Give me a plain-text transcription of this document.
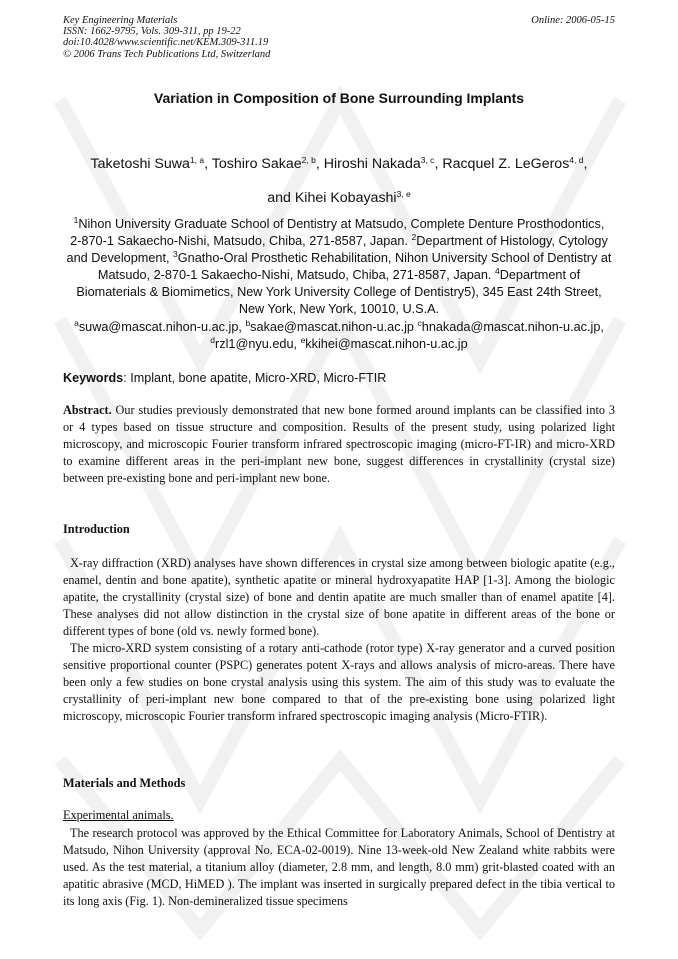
Key Engineering Materials
ISSN: 1662-9795, Vols. 309-311, pp 19-22
doi:10.4028/www.scientific.net/KEM.309-311.19
© 2006 Trans Tech Publications Ltd, Switzerland
Online: 2006-05-15
Variation in Composition of Bone Surrounding Implants
Taketoshi Suwa$^{1, a}$, Toshiro Sakae$^{2, b}$, Hiroshi Nakada$^{3, c}$, Racquel Z. LeGeros$^{4, d}$,
and Kihei Kobayashi$^{3, e}$
$^1$Nihon University Graduate School of Dentistry at Matsudo, Complete Denture Prosthodontics,
2-870-1 Sakaecho-Nishi, Matsudo, Chiba, 271-8587, Japan. $^2$Department of Histology, Cytology
and Development, $^3$Gnatho-Oral Prosthetic Rehabilitation, Nihon University School of Dentistry at
Matsudo, 2-870-1 Sakaecho-Nishi, Matsudo, Chiba, 271-8587, Japan. $^4$Department of
Biomaterials & Biomimetics, New York University College of Dentistry5), 345 East 24th Street,
New York, New York, 10010, U.S.A.
$^a$suwa@mascat.nihon-u.ac.jp, $^b$sakae@mascat.nihon-u.ac.jp $^c$hnakada@mascat.nihon-u.ac.jp,
$^d$rzl1@nyu.edu, $^e$kkihei@mascat.nihon-u.ac.jp
Keywords: Implant, bone apatite, Micro-XRD, Micro-FTIR
Abstract. Our studies previously demonstrated that new bone formed around implants can be classified into 3 or 4 types based on tissue structure and composition. Results of the present study, using polarized light microscopy, and microscopic Fourier transform infrared spectroscopic imaging (micro-FT-IR) and micro-XRD to examine different areas in the peri-implant new bone, suggest differences in crystallinity (crystal size) between pre-existing bone and peri-implant new bone.
Introduction
X-ray diffraction (XRD) analyses have shown differences in crystal size among between biologic apatite (e.g., enamel, dentin and bone apatite), synthetic apatite or mineral hydroxyapatite HAP [1-3]. Among the biologic apatite, the crystallinity (crystal size) of bone and dentin apatite are much smaller than of enamel apatite [4]. These analyses did not allow distinction in the crystal size of bone apatite in different areas of the bone or different types of bone (old vs. newly formed bone).
The micro-XRD system consisting of a rotary anti-cathode (rotor type) X-ray generator and a curved position sensitive proportional counter (PSPC) generates potent X-rays and allows analysis of micro-areas. There have been only a few studies on bone crystal analysis using this system. The aim of this study was to evaluate the crystallinity of peri-implant new bone compared to that of the pre-existing bone using polarized light microscopy, microscopic Fourier transform infrared spectroscopic imaging analysis (Micro-FTIR).
Materials and Methods
Experimental animals.
The research protocol was approved by the Ethical Committee for Laboratory Animals, School of Dentistry at Matsudo, Nihon University (approval No. ECA-02-0019). Nine 13-week-old New Zealand white rabbits were used. As the test material, a titanium alloy (diameter, 2.8 mm, and length, 8.0 mm) grit-blasted coated with an apatitic abrasive (MCD, HiMED ). The implant was inserted in surgically prepared defect in the tibia vertical to its long axis (Fig. 1). Non-demineralized tissue specimens
